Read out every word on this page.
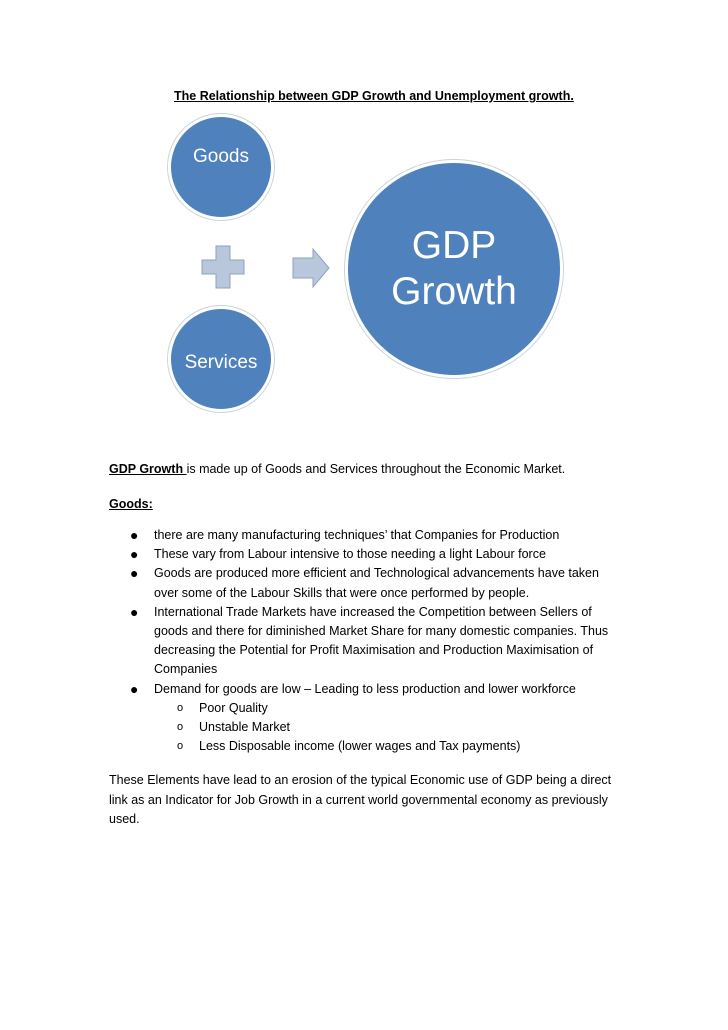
The Relationship between GDP Growth and Unemployment growth.
Goods
Services
GDP
Growth
GDP Growth is made up of Goods and Services throughout the Economic Market.
Goods:
● there are many manufacturing techniques’ that Companies for Production
● These vary from Labour intensive to those needing a light Labour force
● Goods are produced more efficient and Technological advancements have taken
over some of the Labour Skills that were once performed by people.
● International Trade Markets have increased the Competition between Sellers of
goods and there for diminished Market Share for many domestic companies. Thus
decreasing the Potential for Profit Maximisation and Production Maximisation of
Companies
● Demand for goods are low – Leading to less production and lower workforce
o Poor Quality
o Unstable Market
o Less Disposable income (lower wages and Tax payments)
These Elements have lead to an erosion of the typical Economic use of GDP being a direct
link as an Indicator for Job Growth in a current world governmental economy as previously
used.
